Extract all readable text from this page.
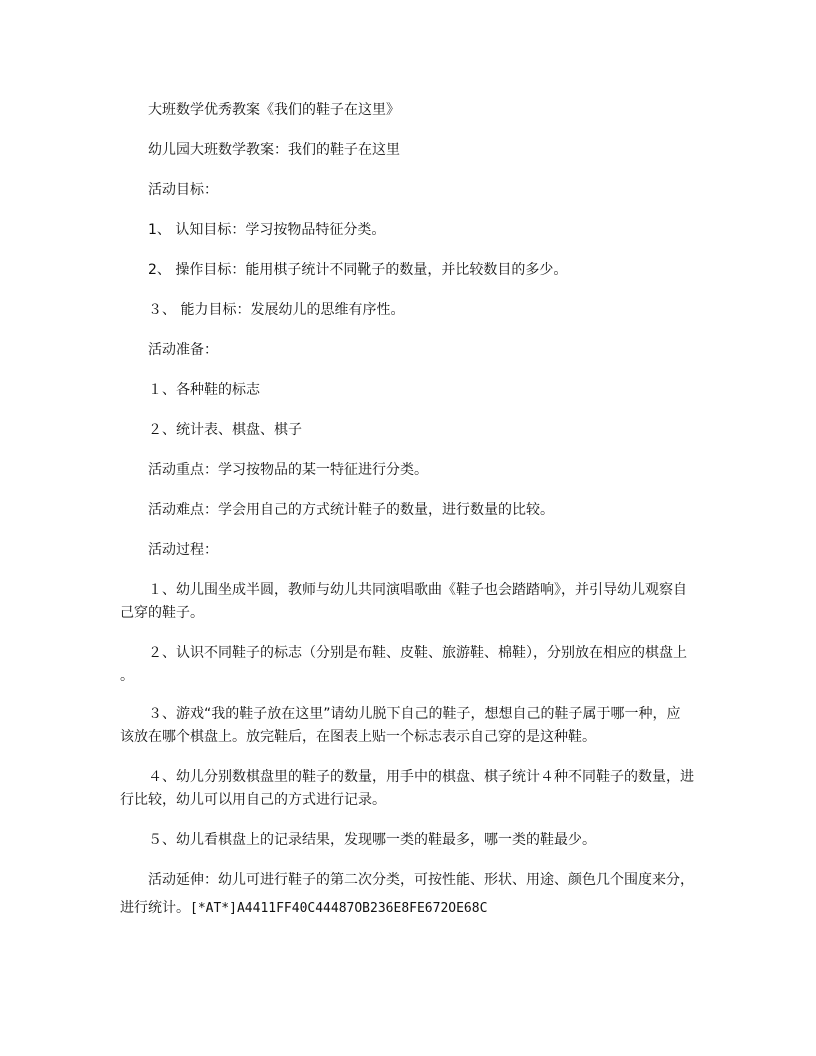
大班数学优秀教案《我们的鞋子在这里》
幼儿园大班数学教案：我们的鞋子在这里
活动目标：
1、 认知目标：学习按物品特征分类。
2、 操作目标：能用棋子统计不同靴子的数量，并比较数目的多少。
３、 能力目标：发展幼儿的思维有序性。
活动准备：
１、各种鞋的标志
２、统计表、棋盘、棋子
活动重点：学习按物品的某一特征进行分类。
活动难点：学会用自己的方式统计鞋子的数量，进行数量的比较。
活动过程：
１、幼儿围坐成半圆，教师与幼儿共同演唱歌曲《鞋子也会踏踏响》，并引导幼儿观察自
己穿的鞋子。
２、认识不同鞋子的标志（分别是布鞋、皮鞋、旅游鞋、棉鞋），分别放在相应的棋盘上
。
３、游戏“我的鞋子放在这里”请幼儿脱下自己的鞋子，想想自己的鞋子属于哪一种，应
该放在哪个棋盘上。放完鞋后，在图表上贴一个标志表示自己穿的是这种鞋。
４、幼儿分别数棋盘里的鞋子的数量，用手中的棋盘、棋子统计４种不同鞋子的数量，进
行比较，幼儿可以用自己的方式进行记录。
５、幼儿看棋盘上的记录结果，发现哪一类的鞋最多，哪一类的鞋最少。
活动延伸：幼儿可进行鞋子的第二次分类，可按性能、形状、用途、颜色几个围度来分，
进行统计。[*AT*]A4411FF40C44487OB236E8FE672OE68C
